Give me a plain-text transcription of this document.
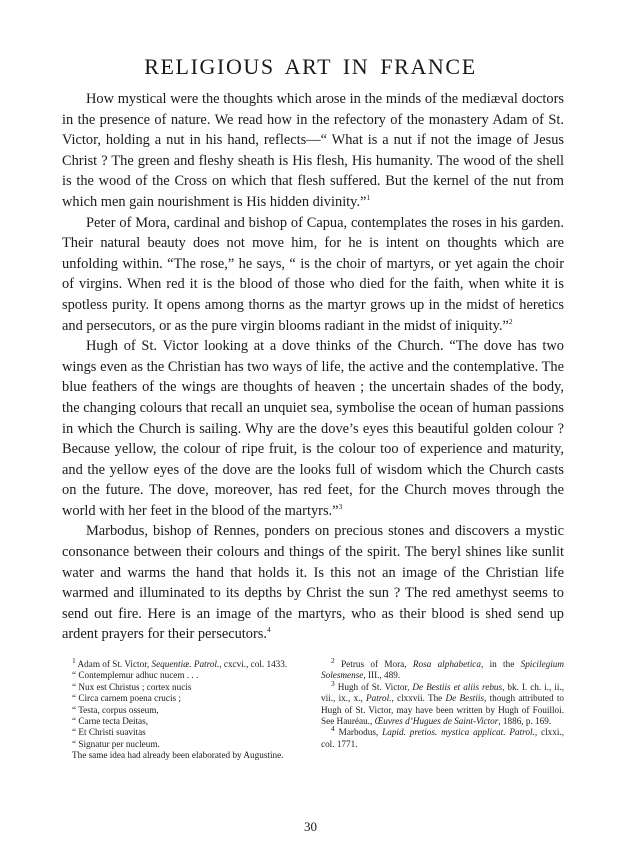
RELIGIOUS ART IN FRANCE

How mystical were the thoughts which arose in the minds of the mediæval doctors in the presence of nature. We read how in the refectory of the monastery Adam of St. Victor, holding a nut in his hand, reflects—“ What is a nut if not the image of Jesus Christ ? The green and fleshy sheath is His flesh, His humanity. The wood of the shell is the wood of the Cross on which that flesh suffered. But the kernel of the nut from which men gain nourishment is His hidden divinity.”$^1$

Peter of Mora, cardinal and bishop of Capua, contemplates the roses in his garden. Their natural beauty does not move him, for he is intent on thoughts which are unfolding within. “The rose,” he says, “ is the choir of martyrs, or yet again the choir of virgins. When red it is the blood of those who died for the faith, when white it is spotless purity. It opens among thorns as the martyr grows up in the midst of heretics and persecutors, or as the pure virgin blooms radiant in the midst of iniquity.”$^2$

Hugh of St. Victor looking at a dove thinks of the Church. “The dove has two wings even as the Christian has two ways of life, the active and the contemplative. The blue feathers of the wings are thoughts of heaven ; the uncertain shades of the body, the changing colours that recall an unquiet sea, symbolise the ocean of human passions in which the Church is sailing. Why are the dove’s eyes this beautiful golden colour ? Because yellow, the colour of ripe fruit, is the colour too of experience and maturity, and the yellow eyes of the dove are the looks full of wisdom which the Church casts on the future. The dove, moreover, has red feet, for the Church moves through the world with her feet in the blood of the martyrs.”$^3$

Marbodus, bishop of Rennes, ponders on precious stones and discovers a mystic consonance between their colours and things of the spirit. The beryl shines like sunlit water and warms the hand that holds it. Is this not an image of the Christian life warmed and illuminated to its depths by Christ the sun ? The red amethyst seems to send out fire. Here is an image of the martyrs, who as their blood is shed send up ardent prayers for their persecutors.$^4$

$^1$ Adam of St. Victor, Sequentiæ. Patrol., cxcvi., col. 1433.

“ Contemplemur adhuc nucem . . .

“ Nux est Christus ; cortex nucis

“ Circa carnem poena crucis ;

“ Testa, corpus osseum,

“ Carne tecta Deitas,

“ Et Christi suavitas

“ Signatur per nucleum.

The same idea had already been elaborated by Augustine.

$^2$ Petrus of Mora, Rosa alphabetica, in the Spicilegium Solesmense, III., 489.

$^3$ Hugh of St. Victor, De Bestiis et aliis rebus, bk. I. ch. i., ii., vii., ix., x., Patrol., clxxvii. The De Bestiis, though attributed to Hugh of St. Victor, may have been written by Hugh of Fouilloi. See Hauréau., Œuvres d’Hugues de Saint-Victor, 1886, p. 169.

$^4$ Marbodus, Lapid. pretios. mystica applicat. Patrol., clxxi., col. 1771.

30
